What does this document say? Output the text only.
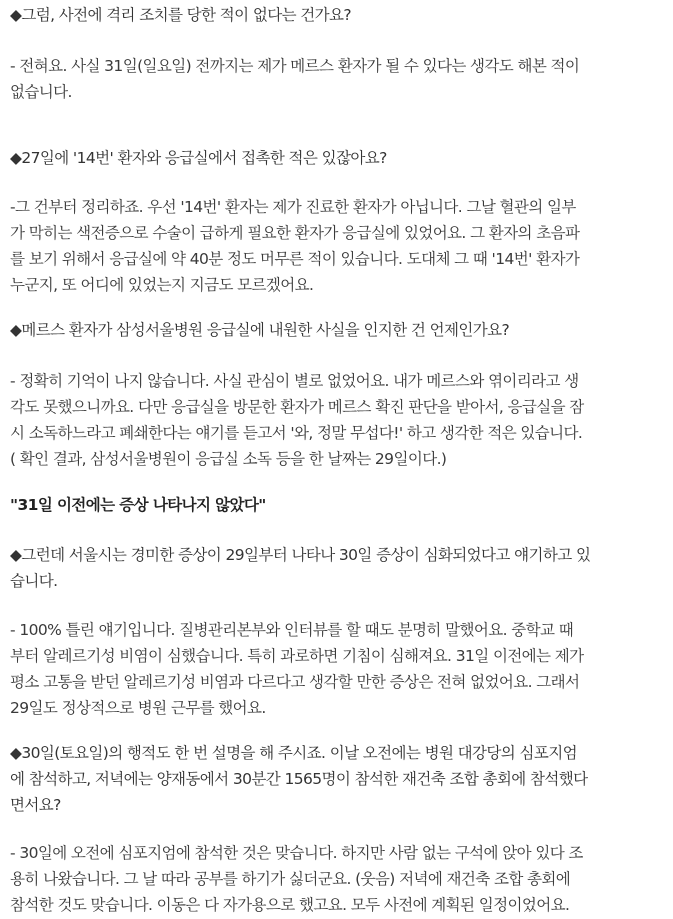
◆그럼, 사전에 격리 조치를 당한 적이 없다는 건가요?
- 전혀요. 사실 31일(일요일) 전까지는 제가 메르스 환자가 될 수 있다는 생각도 해본 적이
없습니다.
◆27일에 '14번' 환자와 응급실에서 접촉한 적은 있잖아요?
-그 건부터 정리하죠. 우선 '14번' 환자는 제가 진료한 환자가 아닙니다. 그날 혈관의 일부
가 막히는 색전증으로 수술이 급하게 필요한 환자가 응급실에 있었어요. 그 환자의 초음파
를 보기 위해서 응급실에 약 40분 정도 머무른 적이 있습니다. 도대체 그 때 '14번' 환자가
누군지, 또 어디에 있었는지 지금도 모르겠어요.
◆메르스 환자가 삼성서울병원 응급실에 내원한 사실을 인지한 건 언제인가요?
- 정확히 기억이 나지 않습니다. 사실 관심이 별로 없었어요. 내가 메르스와 엮이리라고 생
각도 못했으니까요. 다만 응급실을 방문한 환자가 메르스 확진 판단을 받아서, 응급실을 잠
시 소독하느라고 폐쇄한다는 얘기를 듣고서 '와, 정말 무섭다!' 하고 생각한 적은 있습니다.
( 확인 결과, 삼성서울병원이 응급실 소독 등을 한 날짜는 29일이다.)
"31일 이전에는 증상 나타나지 않았다"
◆그런데 서울시는 경미한 증상이 29일부터 나타나 30일 증상이 심화되었다고 얘기하고 있
습니다.
- 100% 틀린 얘기입니다. 질병관리본부와 인터뷰를 할 때도 분명히 말했어요. 중학교 때
부터 알레르기성 비염이 심했습니다. 특히 과로하면 기침이 심해져요. 31일 이전에는 제가
평소 고통을 받던 알레르기성 비염과 다르다고 생각할 만한 증상은 전혀 없었어요. 그래서
29일도 정상적으로 병원 근무를 했어요.
◆30일(토요일)의 행적도 한 번 설명을 해 주시죠. 이날 오전에는 병원 대강당의 심포지엄
에 참석하고, 저녁에는 양재동에서 30분간 1565명이 참석한 재건축 조합 총회에 참석했다
면서요?
- 30일에 오전에 심포지엄에 참석한 것은 맞습니다. 하지만 사람 없는 구석에 앉아 있다 조
용히 나왔습니다. 그 날 따라 공부를 하기가 싫더군요. (웃음) 저녁에 재건축 조합 총회에
참석한 것도 맞습니다. 이동은 다 자가용으로 했고요. 모두 사전에 계획된 일정이었어요.
